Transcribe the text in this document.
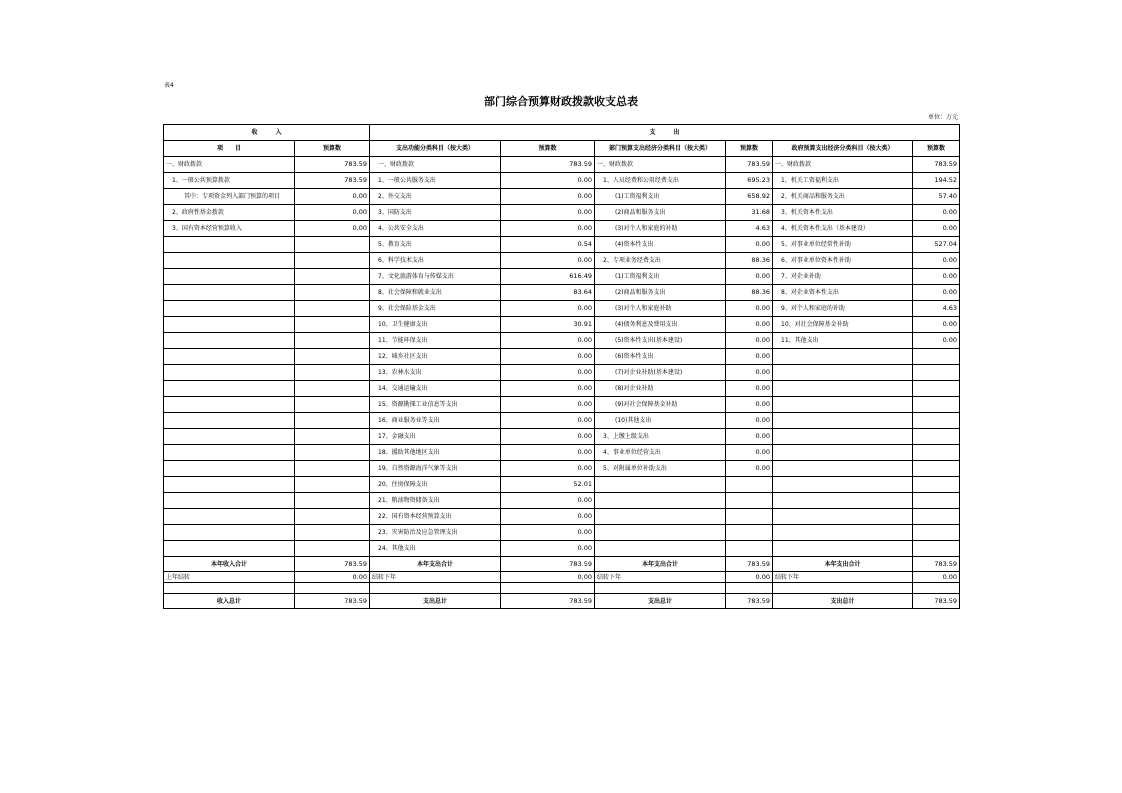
表4
部门综合预算财政拨款收支总表
单位：万元
收　　　入		支　　　出					
项　　目	预算数	支出功能分类科目（按大类）	预算数	部门预算支出经济分类科目（按大类）	预算数	政府预算支出经济分类科目（按大类）	预算数
一、财政拨款	783.59	一、财政拨款	783.59	一、财政拨款	783.59	一、财政拨款	783.59
1、一般公共预算拨款	783.59	1、一般公共服务支出	0.00	1、人员经费和公用经费支出	695.23	1、机关工资福利支出	194.52
其中：专项资金列入部门预算的项目	0.00	2、外交支出	0.00	(1)工资福利支出	658.92	2、机关商品和服务支出	57.40
2、政府性基金拨款	0.00	3、国防支出	0.00	(2)商品和服务支出	31.68	3、机关资本性支出	0.00
3、国有资本经营预算收入	0.00	4、公共安全支出	0.00	(3)对个人和家庭的补助	4.63	4、机关资本性支出（基本建设）	0.00
		5、教育支出	0.54	(4)资本性支出	0.00	5、对事业单位经常性补助	527.04
		6、科学技术支出	0.00	2、专项业务经费支出	88.36	6、对事业单位资本性补助	0.00
		7、文化旅游体育与传媒支出	616.49	(1)工资福利支出	0.00	7、对企业补助	0.00
		8、社会保障和就业支出	83.64	(2)商品和服务支出	88.36	8、对企业资本性支出	0.00
		9、社会保险基金支出	0.00	(3)对个人和家庭补助	0.00	9、对个人和家庭的补助	4.63
		10、卫生健康支出	30.91	(4)债务利息及费用支出	0.00	10、对社会保障基金补助	0.00
		11、节能环保支出	0.00	(5)资本性支出(基本建设)	0.00	11、其他支出	0.00
		12、城乡社区支出	0.00	(6)资本性支出	0.00		
		13、农林水支出	0.00	(7)对企业补助(基本建设)	0.00		
		14、交通运输支出	0.00	(8)对企业补助	0.00		
		15、资源勘探工业信息等支出	0.00	(9)对社会保障基金补助	0.00		
		16、商业服务业等支出	0.00	(10)其他支出	0.00		
		17、金融支出	0.00	3、上缴上级支出	0.00		
		18、援助其他地区支出	0.00	4、事业单位经营支出	0.00		
		19、自然资源海洋气象等支出	0.00	5、对附属单位补助支出	0.00		
		20、住房保障支出	52.01				
		21、粮油物资储备支出	0.00				
		22、国有资本经营预算支出	0.00				
		23、灾害防治及应急管理支出	0.00				
		24、其他支出	0.00				
本年收入合计	783.59	本年支出合计	783.59	本年支出合计	783.59	本年支出合计	783.59
上年结转	0.00	结转下年	0.00	结转下年	0.00	结转下年	0.00

收入总计	783.59	支出总计	783.59	支出总计	783.59	支出总计	783.59
